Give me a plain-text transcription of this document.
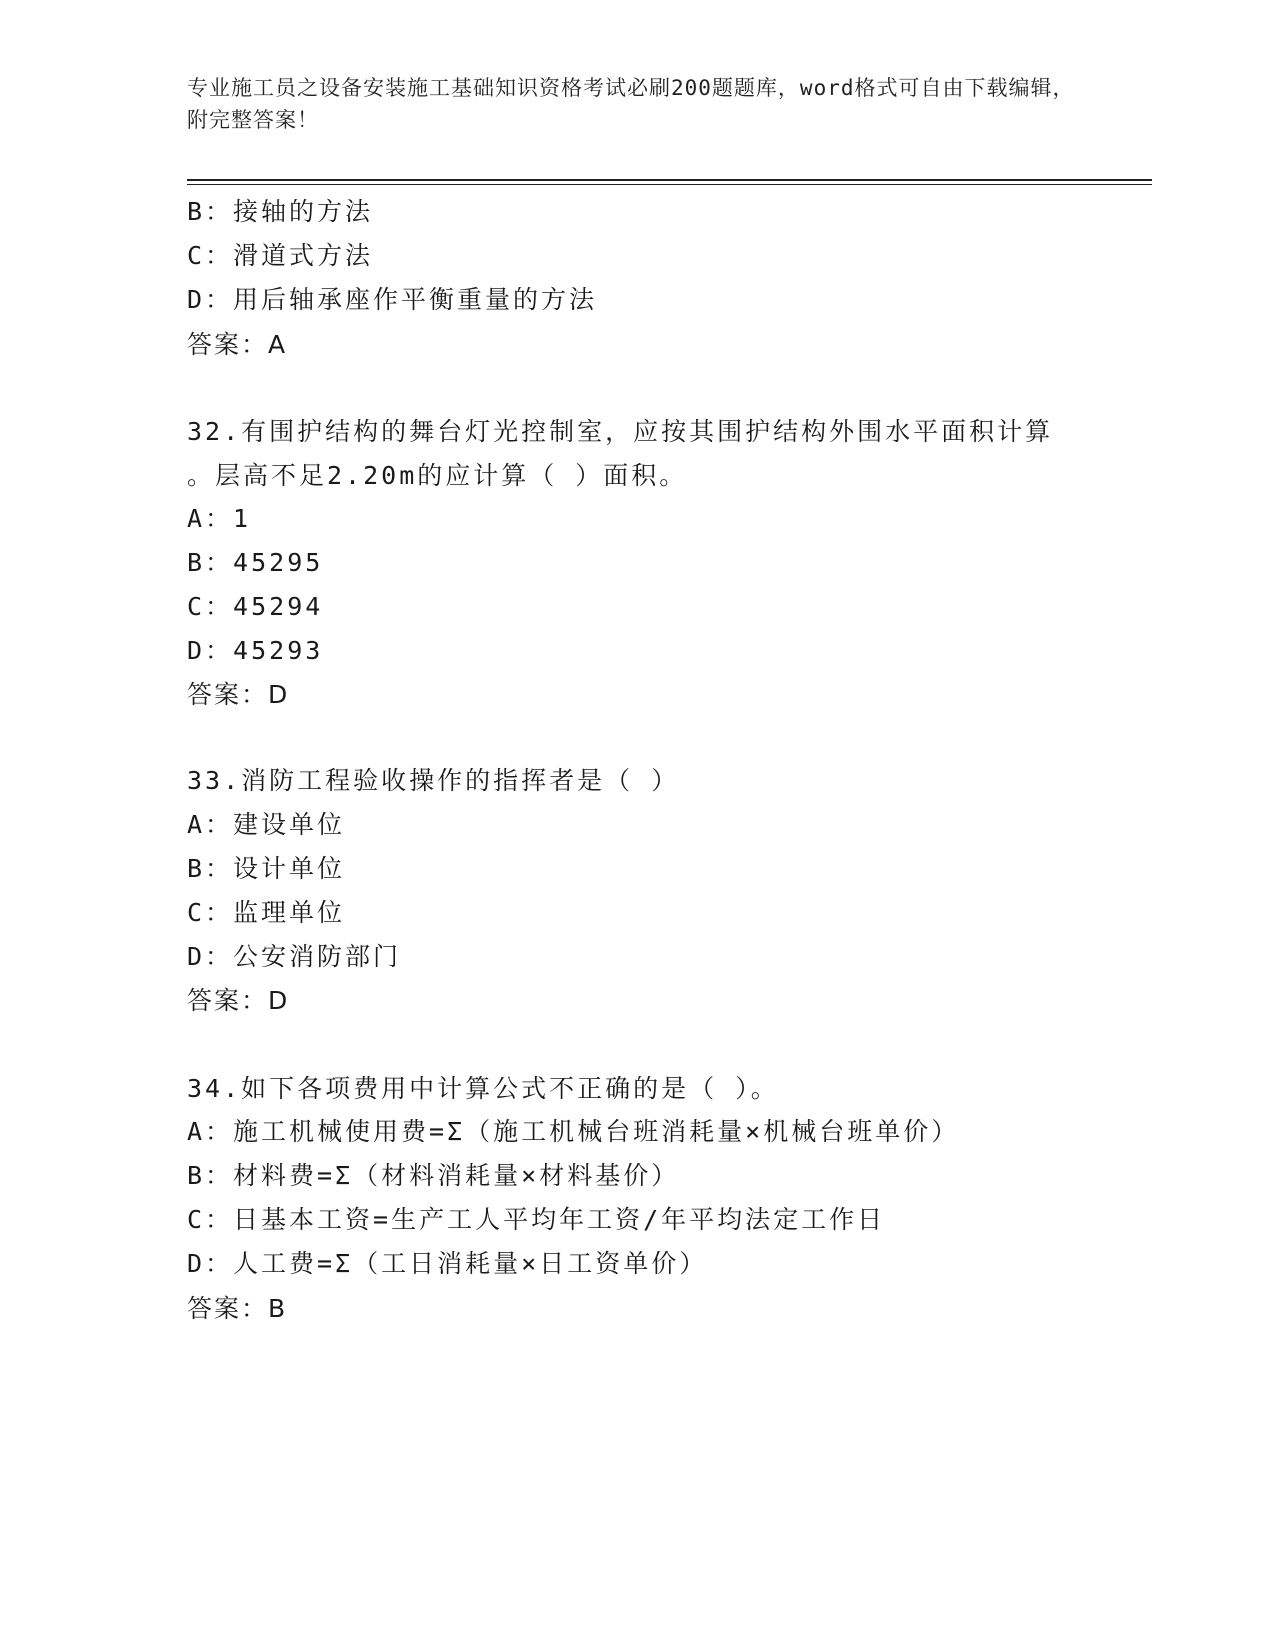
专业施工员之设备安装施工基础知识资格考试必刷200题题库，word格式可自由下载编辑，附完整答案！
B：接轴的方法
C：滑道式方法
D：用后轴承座作平衡重量的方法
答案：A
32.有围护结构的舞台灯光控制室，应按其围护结构外围水平面积计算
。层高不足2.20m的应计算（ ）面积。
A：1
B：45295
C：45294
D：45293
答案：D
33.消防工程验收操作的指挥者是（ ）
A：建设单位
B：设计单位
C：监理单位
D：公安消防部门
答案：D
34.如下各项费用中计算公式不正确的是（ ）。
A：施工机械使用费=Σ（施工机械台班消耗量×机械台班单价）
B：材料费=Σ（材料消耗量×材料基价）
C：日基本工资=生产工人平均年工资/年平均法定工作日
D：人工费=Σ（工日消耗量×日工资单价）
答案：B
